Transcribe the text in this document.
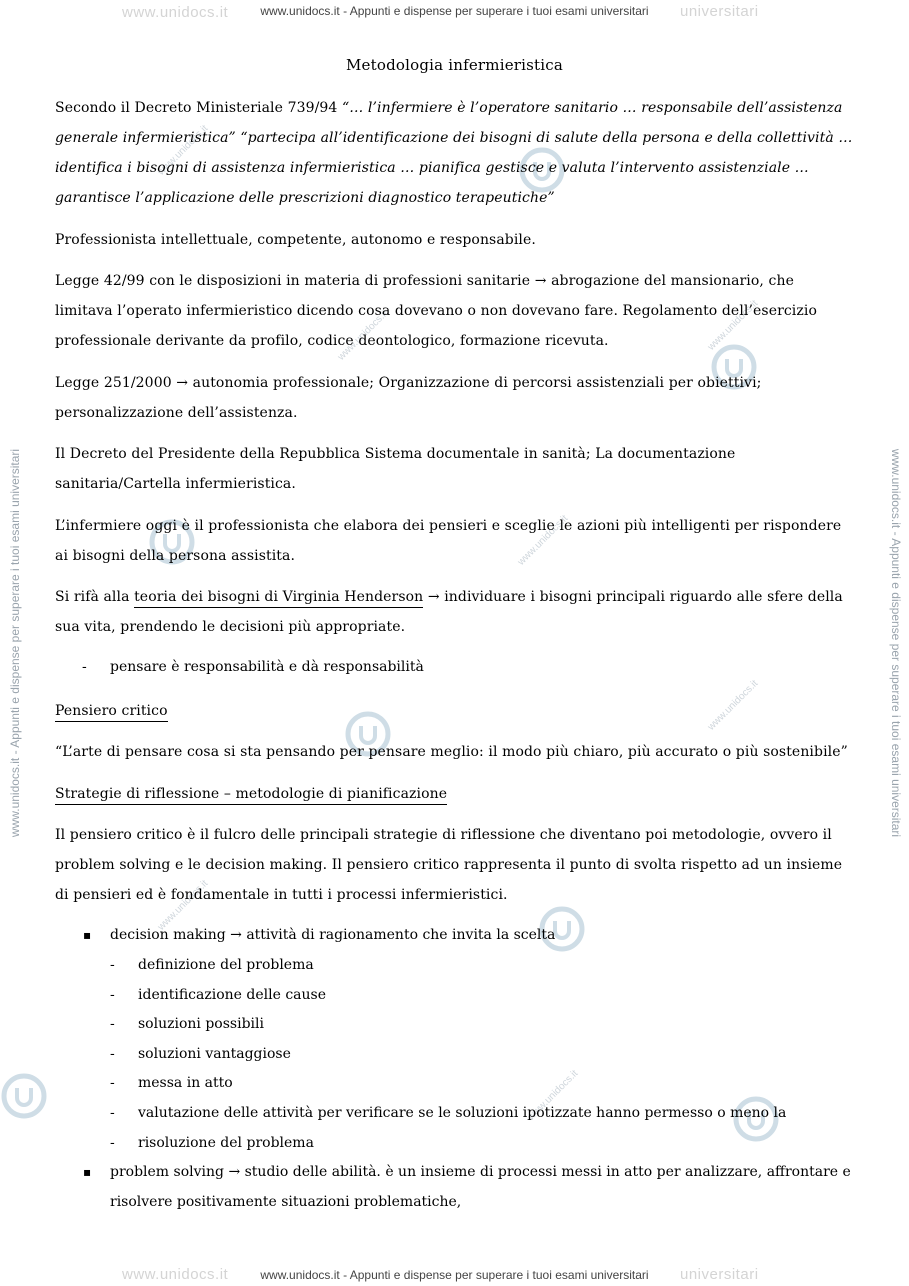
www.unidocs.it	universitari
www.unidocs.it - Appunti e dispense per superare i tuoi esami universitari
www.unidocs.it	universitari
www.unidocs.it - Appunti e dispense per superare i tuoi esami universitari
www.unidocs.it - Appunti e dispense per superare i tuoi esami universitari	www.unidocs.it - Appunti e dispense per superare i tuoi esami universitari
www.unidocs.it
www.unidocs.it
www.unidocs.it
www.unidocs.it
www.unidocs.it
www.unidocs.it
www.unidocs.it
Metodologia infermieristica
Secondo il Decreto Ministeriale 739/94 “… l’infermiere è l’operatore sanitario … responsabile dell’assistenza generale infermieristica” “partecipa all’identificazione dei bisogni di salute della persona e della collettività … identifica i bisogni di assistenza infermieristica … pianifica gestisce e valuta l’intervento assistenziale … garantisce l’applicazione delle prescrizioni diagnostico terapeutiche”
Professionista intellettuale, competente, autonomo e responsabile.
Legge 42/99 con le disposizioni in materia di professioni sanitarie → abrogazione del mansionario, che limitava l’operato infermieristico dicendo cosa dovevano o non dovevano fare. Regolamento dell’esercizio professionale derivante da profilo, codice deontologico, formazione ricevuta.
Legge 251/2000 → autonomia professionale; Organizzazione di percorsi assistenziali per obiettivi; personalizzazione dell’assistenza.
Il Decreto del Presidente della Repubblica Sistema documentale in sanità; La documentazione sanitaria/Cartella infermieristica.
L’infermiere oggi è il professionista che elabora dei pensieri e sceglie le azioni più intelligenti per rispondere ai bisogni della persona assistita.
Si rifà alla teoria dei bisogni di Virginia Henderson → individuare i bisogni principali riguardo alle sfere della sua vita, prendendo le decisioni più appropriate.
- pensare è responsabilità e dà responsabilità
Pensiero critico
“L’arte di pensare cosa si sta pensando per pensare meglio: il modo più chiaro, più accurato o più sostenibile”
Strategie di riflessione – metodologie di pianificazione
Il pensiero critico è il fulcro delle principali strategie di riflessione che diventano poi metodologie, ovvero il problem solving e le decision making. Il pensiero critico rappresenta il punto di svolta rispetto ad un insieme di pensieri ed è fondamentale in tutti i processi infermieristici.
▪ decision making → attività di ragionamento che invita la scelta
- definizione del problema
- identificazione delle cause
- soluzioni possibili
- soluzioni vantaggiose
- messa in atto
- valutazione delle attività per verificare se le soluzioni ipotizzate hanno permesso o meno la
- risoluzione del problema
▪ problem solving → studio delle abilità. è un insieme di processi messi in atto per analizzare, affrontare e risolvere positivamente situazioni problematiche,
